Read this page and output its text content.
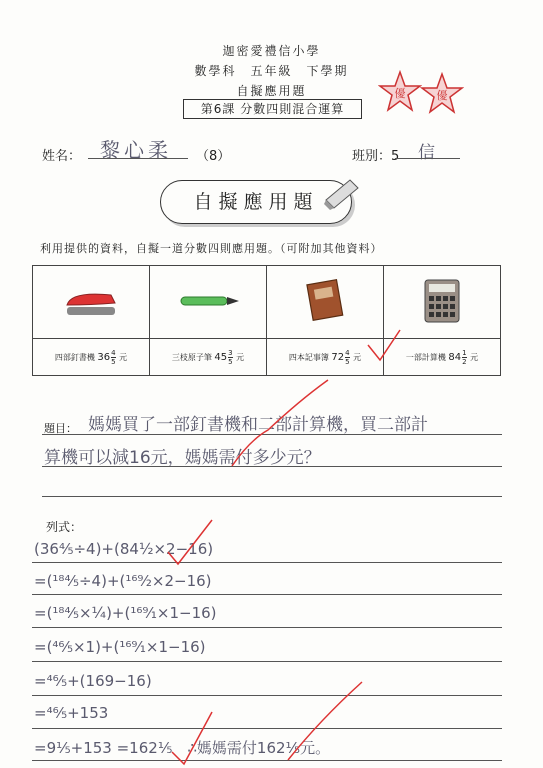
迦密愛禮信小學
數學科　五年級　下學期
自擬應用題
第6課 分數四則混合運算
優	優
姓名： 黎心柔 （8）	班別：5 信
自擬應用題
利用提供的資料，自擬一道分數四則應用題。（可附加其他資料）

四部釘書機 $36 \frac{4}{5}$ 元	三枝原子筆 $45 \frac{3}{5}$ 元	四本記事簿 $72 \frac{4}{5}$ 元	一部計算機 $84 \frac{1}{2}$ 元
題目： 媽媽買了一部釘書機和二部計算機，買二部計
算機可以減16元，媽媽需付多少元？
列式：
(36⁴⁄₅÷4)+(84½×2−16)
=(¹⁸⁴⁄₅÷4)+(¹⁶⁹⁄₂×2−16)
=(¹⁸⁴⁄₅×¼)+(¹⁶⁹⁄₁×1−16)
=(⁴⁶⁄₅×1)+(¹⁶⁹⁄₁×1−16)
=⁴⁶⁄₅+(169−16)
=⁴⁶⁄₅+153
=9⅕+153 =162⅕　∴媽媽需付162⅕元。
